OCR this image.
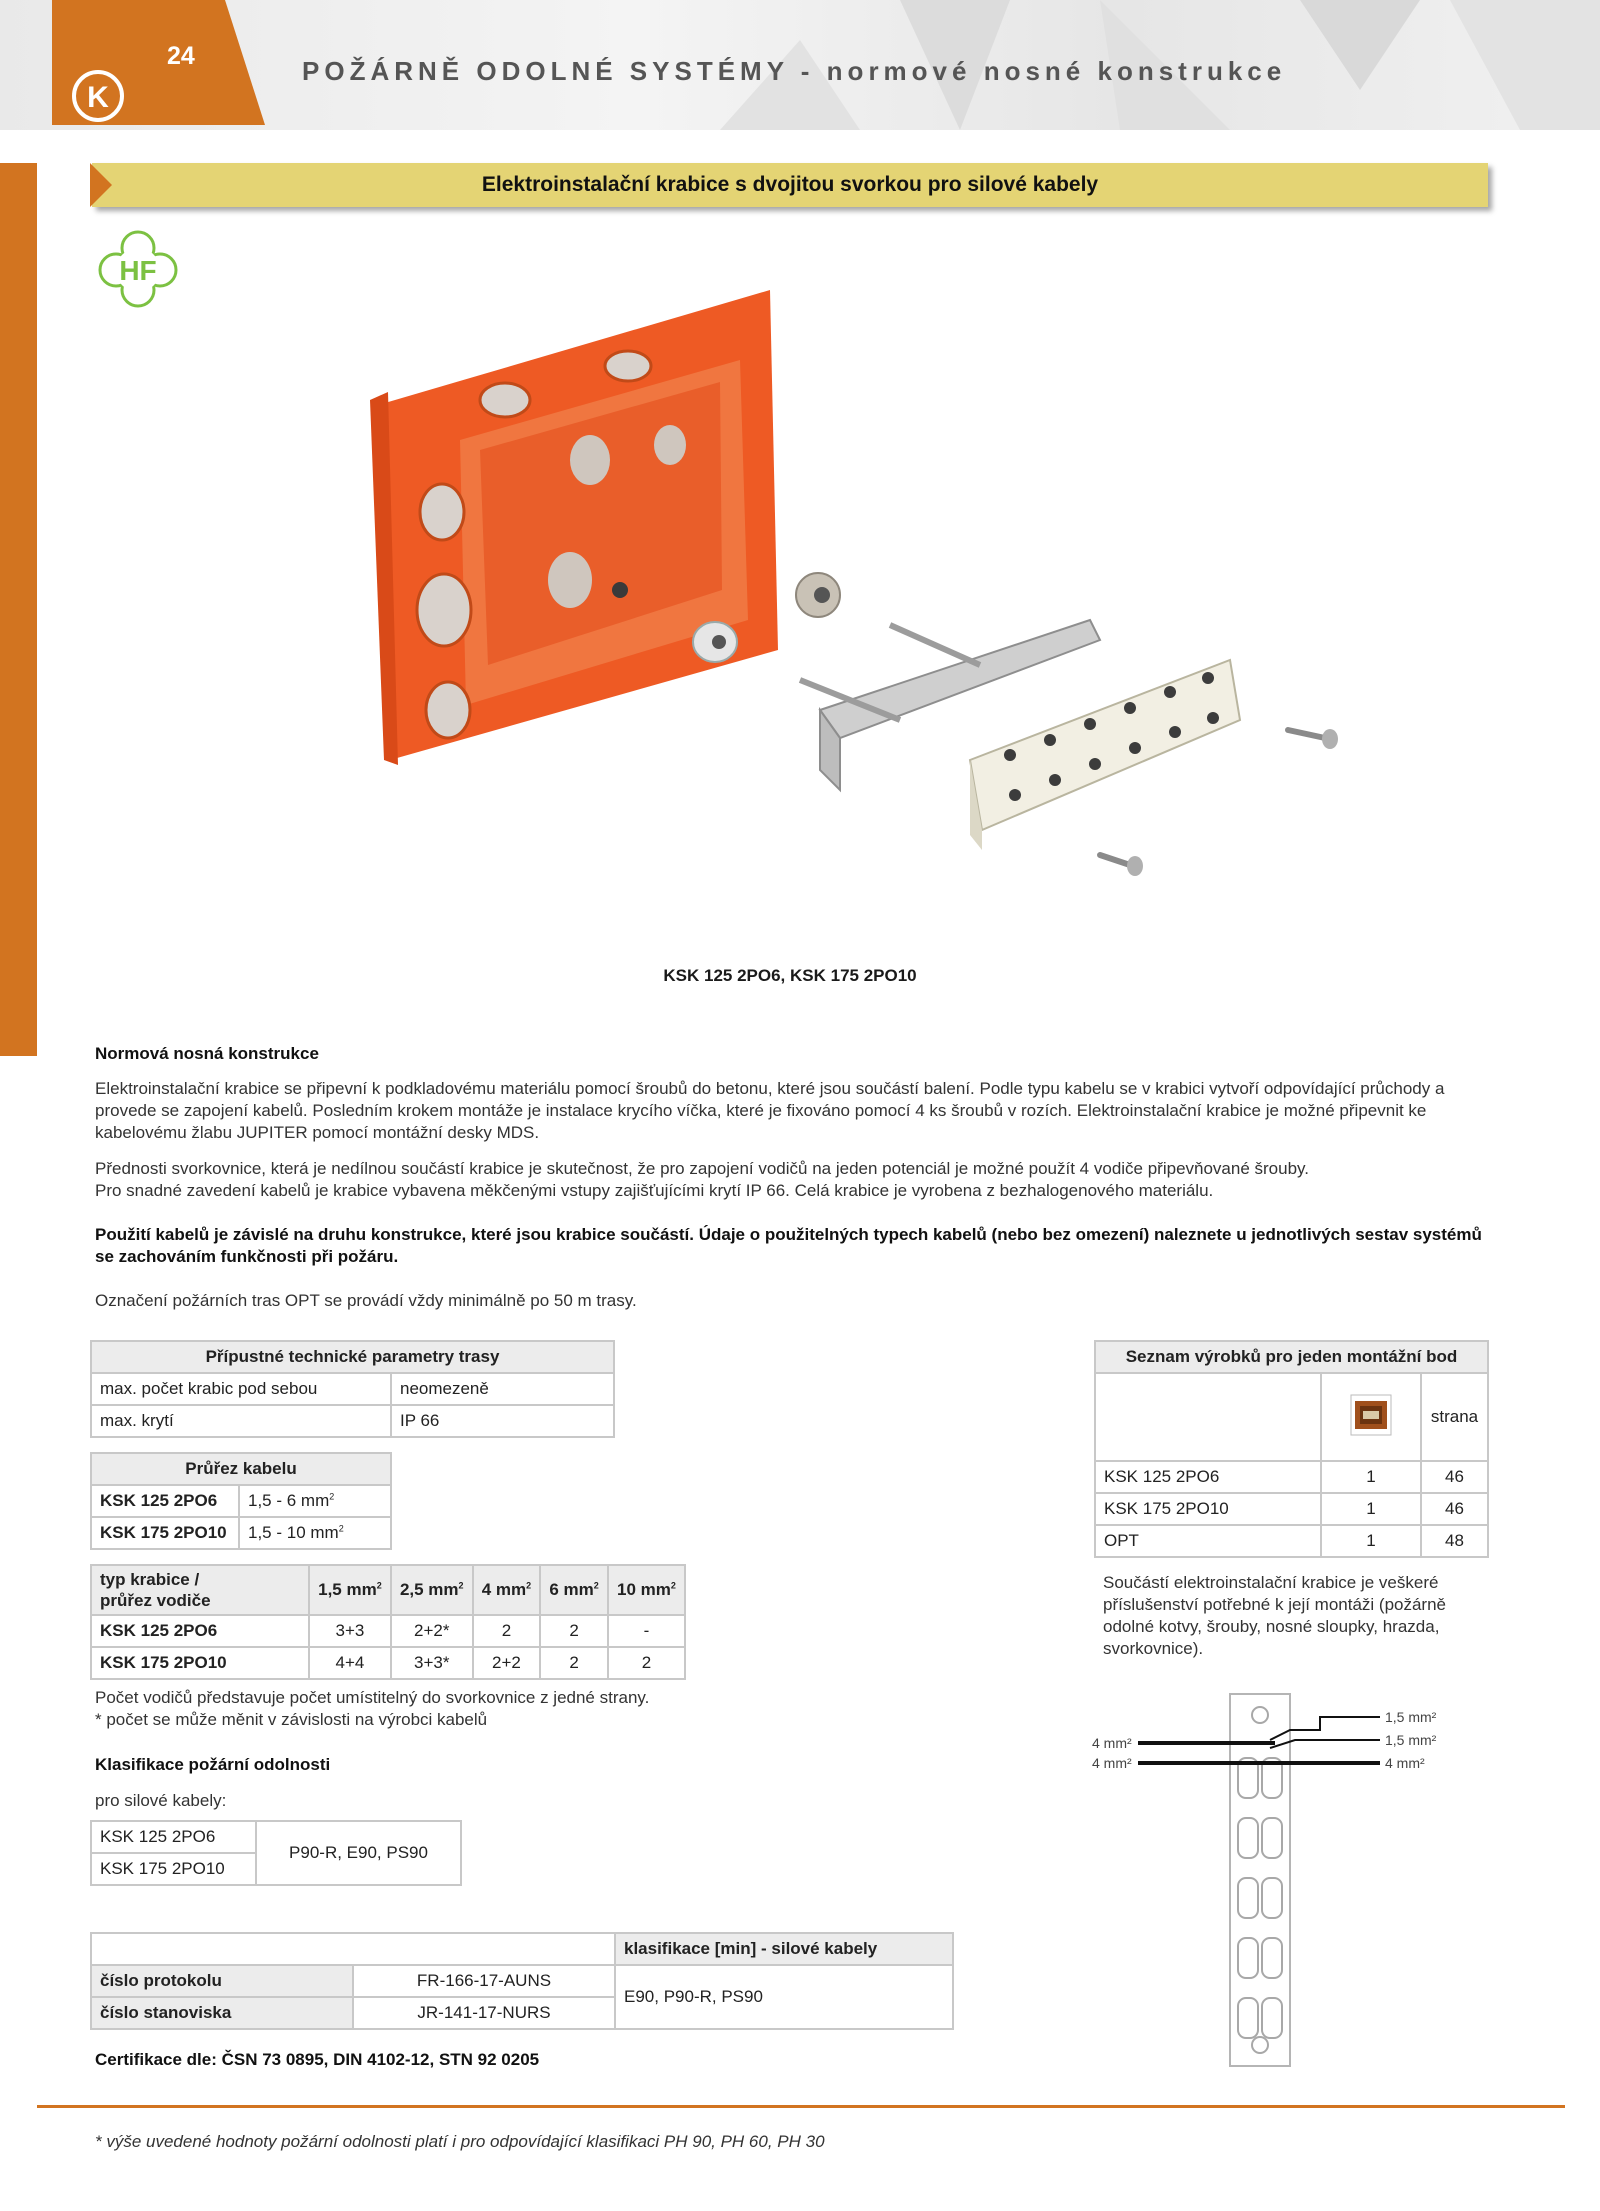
K
24	POŽÁRNĚ ODOLNÉ SYSTÉMY - normové nosné konstrukce
Elektroinstalační krabice s dvojitou svorkou pro silové kabely
HF
KSK 125 2PO6, KSK 175 2PO10
Normová nosná konstrukce
Elektroinstalační krabice se připevní k podkladovému materiálu pomocí šroubů do betonu, které jsou součástí balení. Podle typu kabelu se v krabici vytvoří odpovídající průchody a provede se zapojení kabelů. Posledním krokem montáže je instalace krycího víčka, které je fixováno pomocí 4 ks šroubů v rozích. Elektroinstalační krabice je možné připevnit ke kabelovému žlabu JUPITER pomocí montážní desky MDS.
Přednosti svorkovnice, která je nedílnou součástí krabice je skutečnost, že pro zapojení vodičů na jeden potenciál je možné použít 4 vodiče připevňované šrouby.
Pro snadné zavedení kabelů je krabice vybavena měkčenými vstupy zajišťujícími krytí IP 66. Celá krabice je vyrobena z bezhalogenového materiálu.
Použití kabelů je závislé na druhu konstrukce, které jsou krabice součástí. Údaje o použitelných typech kabelů (nebo bez omezení) naleznete u jednotlivých sestav systémů se zachováním funkčnosti při požáru.
Označení požárních tras OPT se provádí vždy minimálně po 50 m trasy.
Přípustné technické parametry trasy	
max. počet krabic pod sebou	neomezeně
max. krytí	IP 66
Průřez kabelu	
KSK 125 2PO6	1,5 - 6 $mm^2$
KSK 175 2PO10	1,5 - 10 $mm^2$
typ krabice /
průřez vodiče	1,5 $mm^2$	2,5 $mm^2$	4 $mm^2$	6 $mm^2$	10 $mm^2$
KSK 125 2PO6	3+3	2+2*	2	2	-
KSK 175 2PO10	4+4	3+3*	2+2	2	2
Počet vodičů představuje počet umístitelný do svorkovnice z jedné strany.
* počet se může měnit v závislosti na výrobci kabelů
Klasifikace požární odolnosti
pro silové kabely:
KSK 125 2PO6	P90-R, E90, PS90
KSK 175 2PO10
		klasifikace [min] - silové kabely
číslo protokolu	FR-166-17-AUNS	E90, P90-R, PS90
číslo stanoviska	JR-141-17-NURS	
Certifikace dle: ČSN 73 0895, DIN 4102-12, STN 92 0205
Seznam výrobků pro jeden montážní bod		
		strana
KSK 125 2PO6	1	46
KSK 175 2PO10	1	46
OPT	1	48
Součástí elektroinstalační krabice je veškeré příslušenství potřebné k její montáži (požárně odolné kotvy, šrouby, nosné sloupky, hrazda, svorkovnice).
4 mm²
4 mm²
1,5 mm²
1,5 mm²
4 mm²
* výše uvedené hodnoty požární odolnosti platí i pro odpovídající klasifikaci PH 90, PH 60, PH 30
